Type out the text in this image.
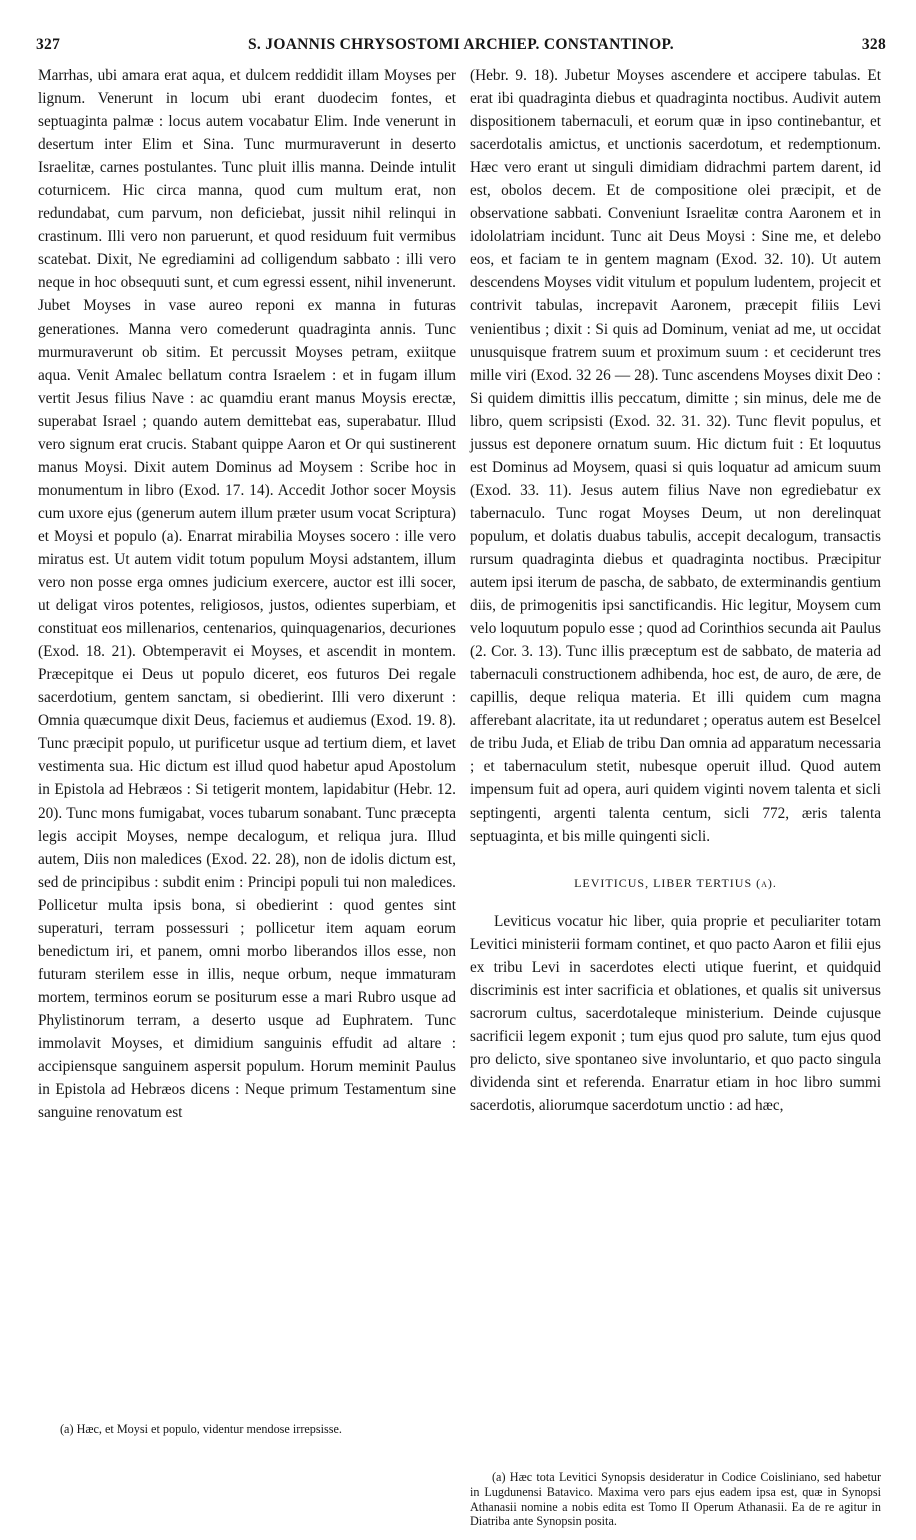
327	S. JOANNIS CHRYSOSTOMI ARCHIEP. CONSTANTINOP.	328

Marrhas, ubi amara erat aqua, et dulcem reddidit illam Moyses per lignum. Venerunt in locum ubi erant duodecim fontes, et septuaginta palmæ : locus autem vocabatur Elim. Inde venerunt in desertum inter Elim et Sina. Tunc murmuraverunt in deserto Israelitæ, carnes postulantes. Tunc pluit illis manna. Deinde intulit coturnicem. Hic circa manna, quod cum multum erat, non redundabat, cum parvum, non deficiebat, jussit nihil relinqui in crastinum. Illi vero non paruerunt, et quod residuum fuit vermibus scatebat. Dixit, Ne egrediamini ad colligendum sabbato : illi vero neque in hoc obsequuti sunt, et cum egressi essent, nihil invenerunt. Jubet Moyses in vase aureo reponi ex manna in futuras generationes. Manna vero comederunt quadraginta annis. Tunc murmuraverunt ob sitim. Et percussit Moyses petram, exiitque aqua. Venit Amalec bellatum contra Israelem : et in fugam illum vertit Jesus filius Nave : ac quamdiu erant manus Moysis erectæ, superabat Israel ; quando autem demittebat eas, superabatur. Illud vero signum erat crucis. Stabant quippe Aaron et Or qui sustinerent manus Moysi. Dixit autem Dominus ad Moysem : Scribe hoc in monumentum in libro (Exod. 17. 14). Accedit Jothor socer Moysis cum uxore ejus (generum autem illum præter usum vocat Scriptura) et Moysi et populo (a). Enarrat mirabilia Moyses socero : ille vero miratus est. Ut autem vidit totum populum Moysi adstantem, illum vero non posse erga omnes judicium exercere, auctor est illi socer, ut deligat viros potentes, religiosos, justos, odientes superbiam, et constituat eos millenarios, centenarios, quinquagenarios, decuriones (Exod. 18. 21). Obtemperavit ei Moyses, et ascendit in montem. Præcepitque ei Deus ut populo diceret, eos futuros Dei regale sacerdotium, gentem sanctam, si obedierint. Illi vero dixerunt : Omnia quæcumque dixit Deus, faciemus et audiemus (Exod. 19. 8). Tunc præcipit populo, ut purificetur usque ad tertium diem, et lavet vestimenta sua. Hic dictum est illud quod habetur apud Apostolum in Epistola ad Hebræos : Si tetigerit montem, lapidabitur (Hebr. 12. 20). Tunc mons fumigabat, voces tubarum sonabant. Tunc præcepta legis accipit Moyses, nempe decalogum, et reliqua jura. Illud autem, Diis non maledices (Exod. 22. 28), non de idolis dictum est, sed de principibus : subdit enim : Principi populi tui non maledices. Pollicetur multa ipsis bona, si obedierint : quod gentes sint superaturi, terram possessuri ; pollicetur item aquam eorum benedictum iri, et panem, omni morbo liberandos illos esse, non futuram sterilem esse in illis, neque orbum, neque immaturam mortem, terminos eorum se positurum esse a mari Rubro usque ad Phylistinorum terram, a deserto usque ad Euphratem. Tunc immolavit Moyses, et dimidium sanguinis effudit ad altare : accipiensque sanguinem aspersit populum. Horum meminit Paulus in Epistola ad Hebræos dicens : Neque primum Testamentum sine sanguine renovatum est

(a) Hæc, et Moysi et populo, videntur mendose irrepsisse.

(Hebr. 9. 18). Jubetur Moyses ascendere et accipere tabulas. Et erat ibi quadraginta diebus et quadraginta noctibus. Audivit autem dispositionem tabernaculi, et eorum quæ in ipso continebantur, et sacerdotalis amictus, et unctionis sacerdotum, et redemptionum. Hæc vero erant ut singuli dimidiam didrachmi partem darent, id est, obolos decem. Et de compositione olei præcipit, et de observatione sabbati. Conveniunt Israelitæ contra Aaronem et in idololatriam incidunt. Tunc ait Deus Moysi : Sine me, et delebo eos, et faciam te in gentem magnam (Exod. 32. 10). Ut autem descendens Moyses vidit vitulum et populum ludentem, projecit et contrivit tabulas, increpavit Aaronem, præcepit filiis Levi venientibus ; dixit : Si quis ad Dominum, veniat ad me, ut occidat unusquisque fratrem suum et proximum suum : et ceciderunt tres mille viri (Exod. 32 26 — 28). Tunc ascendens Moyses dixit Deo : Si quidem dimittis illis peccatum, dimitte ; sin minus, dele me de libro, quem scripsisti (Exod. 32. 31. 32). Tunc flevit populus, et jussus est deponere ornatum suum. Hic dictum fuit : Et loquutus est Dominus ad Moysem, quasi si quis loquatur ad amicum suum (Exod. 33. 11). Jesus autem filius Nave non egrediebatur ex tabernaculo. Tunc rogat Moyses Deum, ut non derelinquat populum, et dolatis duabus tabulis, accepit decalogum, transactis rursum quadraginta diebus et quadraginta noctibus. Præcipitur autem ipsi iterum de pascha, de sabbato, de exterminandis gentium diis, de primogenitis ipsi sanctificandis. Hic legitur, Moysem cum velo loquutum populo esse ; quod ad Corinthios secunda ait Paulus (2. Cor. 3. 13). Tunc illis præceptum est de sabbato, de materia ad tabernaculi constructionem adhibenda, hoc est, de auro, de ære, de capillis, deque reliqua materia. Et illi quidem cum magna afferebant alacritate, ita ut redundaret ; operatus autem est Beselcel de tribu Juda, et Eliab de tribu Dan omnia ad apparatum necessaria ; et tabernaculum stetit, nubesque operuit illud. Quod autem impensum fuit ad opera, auri quidem viginti novem talenta et sicli septingenti, argenti talenta centum, sicli 772, æris talenta septuaginta, et bis mille quingenti sicli.

LEVITICUS, LIBER TERTIUS (a).

Leviticus vocatur hic liber, quia proprie et peculiariter totam Levitici ministerii formam continet, et quo pacto Aaron et filii ejus ex tribu Levi in sacerdotes electi utique fuerint, et quidquid discriminis est inter sacrificia et oblationes, et qualis sit universus sacrorum cultus, sacerdotaleque ministerium. Deinde cujusque sacrificii legem exponit ; tum ejus quod pro salute, tum ejus quod pro delicto, sive spontaneo sive involuntario, et quo pacto singula dividenda sint et referenda. Enarratur etiam in hoc libro summi sacerdotis, aliorumque sacerdotum unctio : ad hæc,

(a) Hæc tota Levitici Synopsis desideratur in Codice Coisliniano, sed habetur in Lugdunensi Batavico. Maxima vero pars ejus eadem ipsa est, quæ in Synopsi Athanasii nomine a nobis edita est Tomo II Operum Athanasii. Ea de re agitur in Diatriba ante Synopsin posita.
